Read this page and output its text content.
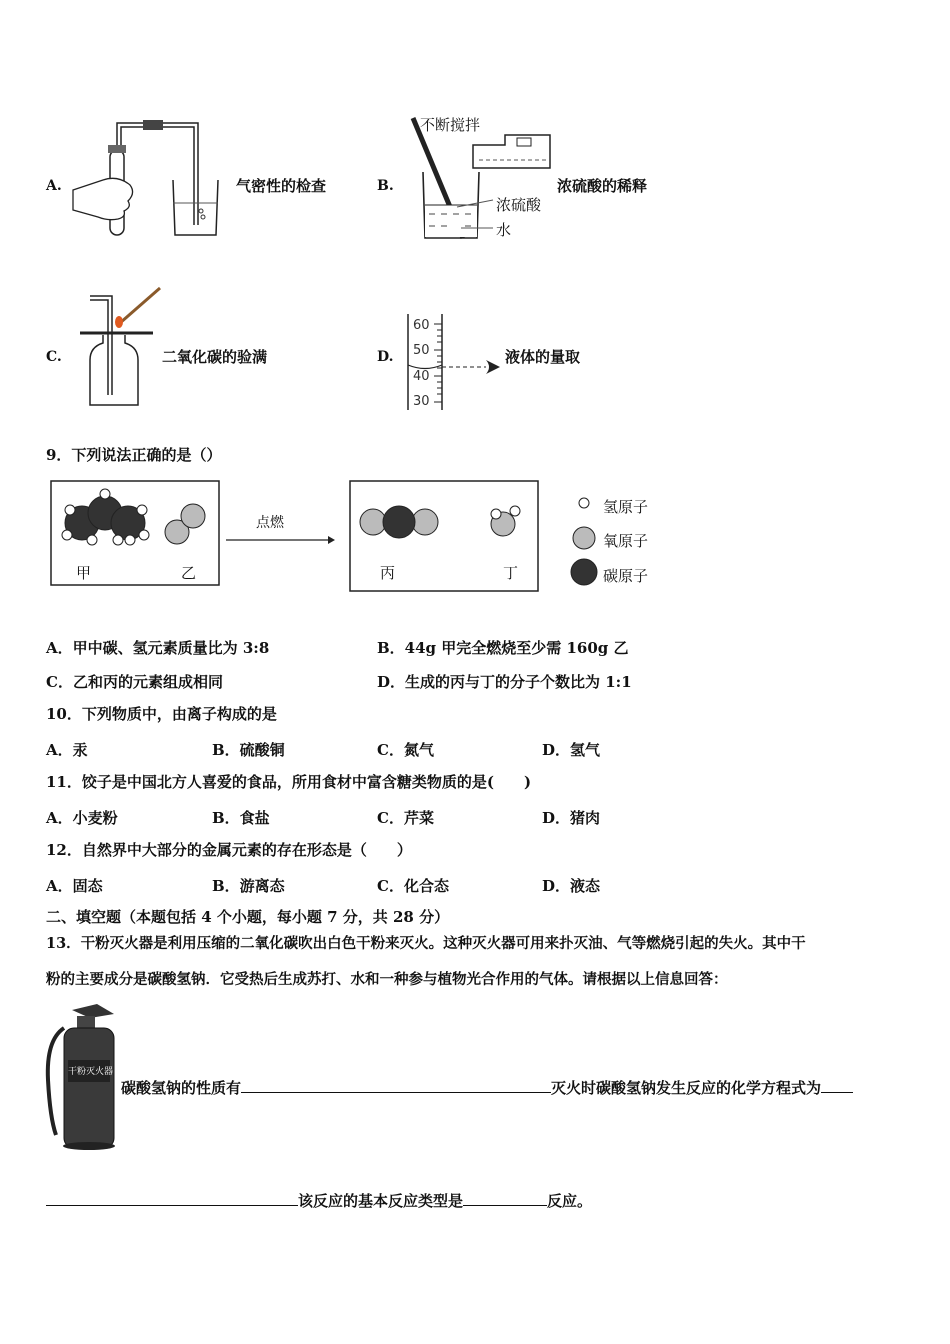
A.	气密性的检查	B.
不断搅拌
浓硫酸
水
浓硫酸的稀释
C.	二氧化碳的验满	D.
60
50
40
30
液体的量取
9．下列说法正确的是（）
甲	乙
点燃
丙	丁
氢原子
氧原子
碳原子
A．甲中碳、氢元素质量比为 3:8	B．44g 甲完全燃烧至少需 160g 乙
C．乙和丙的元素组成相同	D．生成的丙与丁的分子个数比为 1:1
10．下列物质中，由离子构成的是
A．汞	B．硫酸铜	C．氮气	D．氢气
11．饺子是中国北方人喜爱的食品，所用食材中富含糖类物质的是(　　)
A．小麦粉	B．食盐	C．芹菜	D．猪肉
12．自然界中大部分的金属元素的存在形态是（　　）
A．固态	B．游离态	C．化合态	D．液态
二、填空题（本题包括 4 个小题，每小题 7 分，共 28 分）
13．干粉灭火器是利用压缩的二氧化碳吹出白色干粉来灭火。这种灭火器可用来扑灭油、气等燃烧引起的失火。其中干
粉的主要成分是碳酸氢钠．它受热后生成苏打、水和一种参与植物光合作用的气体。请根据以上信息回答：
干粉灭火器
碳酸氢钠的性质有	灭火时碳酸氢钠发生反应的化学方程式为
该反应的基本反应类型是	反应。
